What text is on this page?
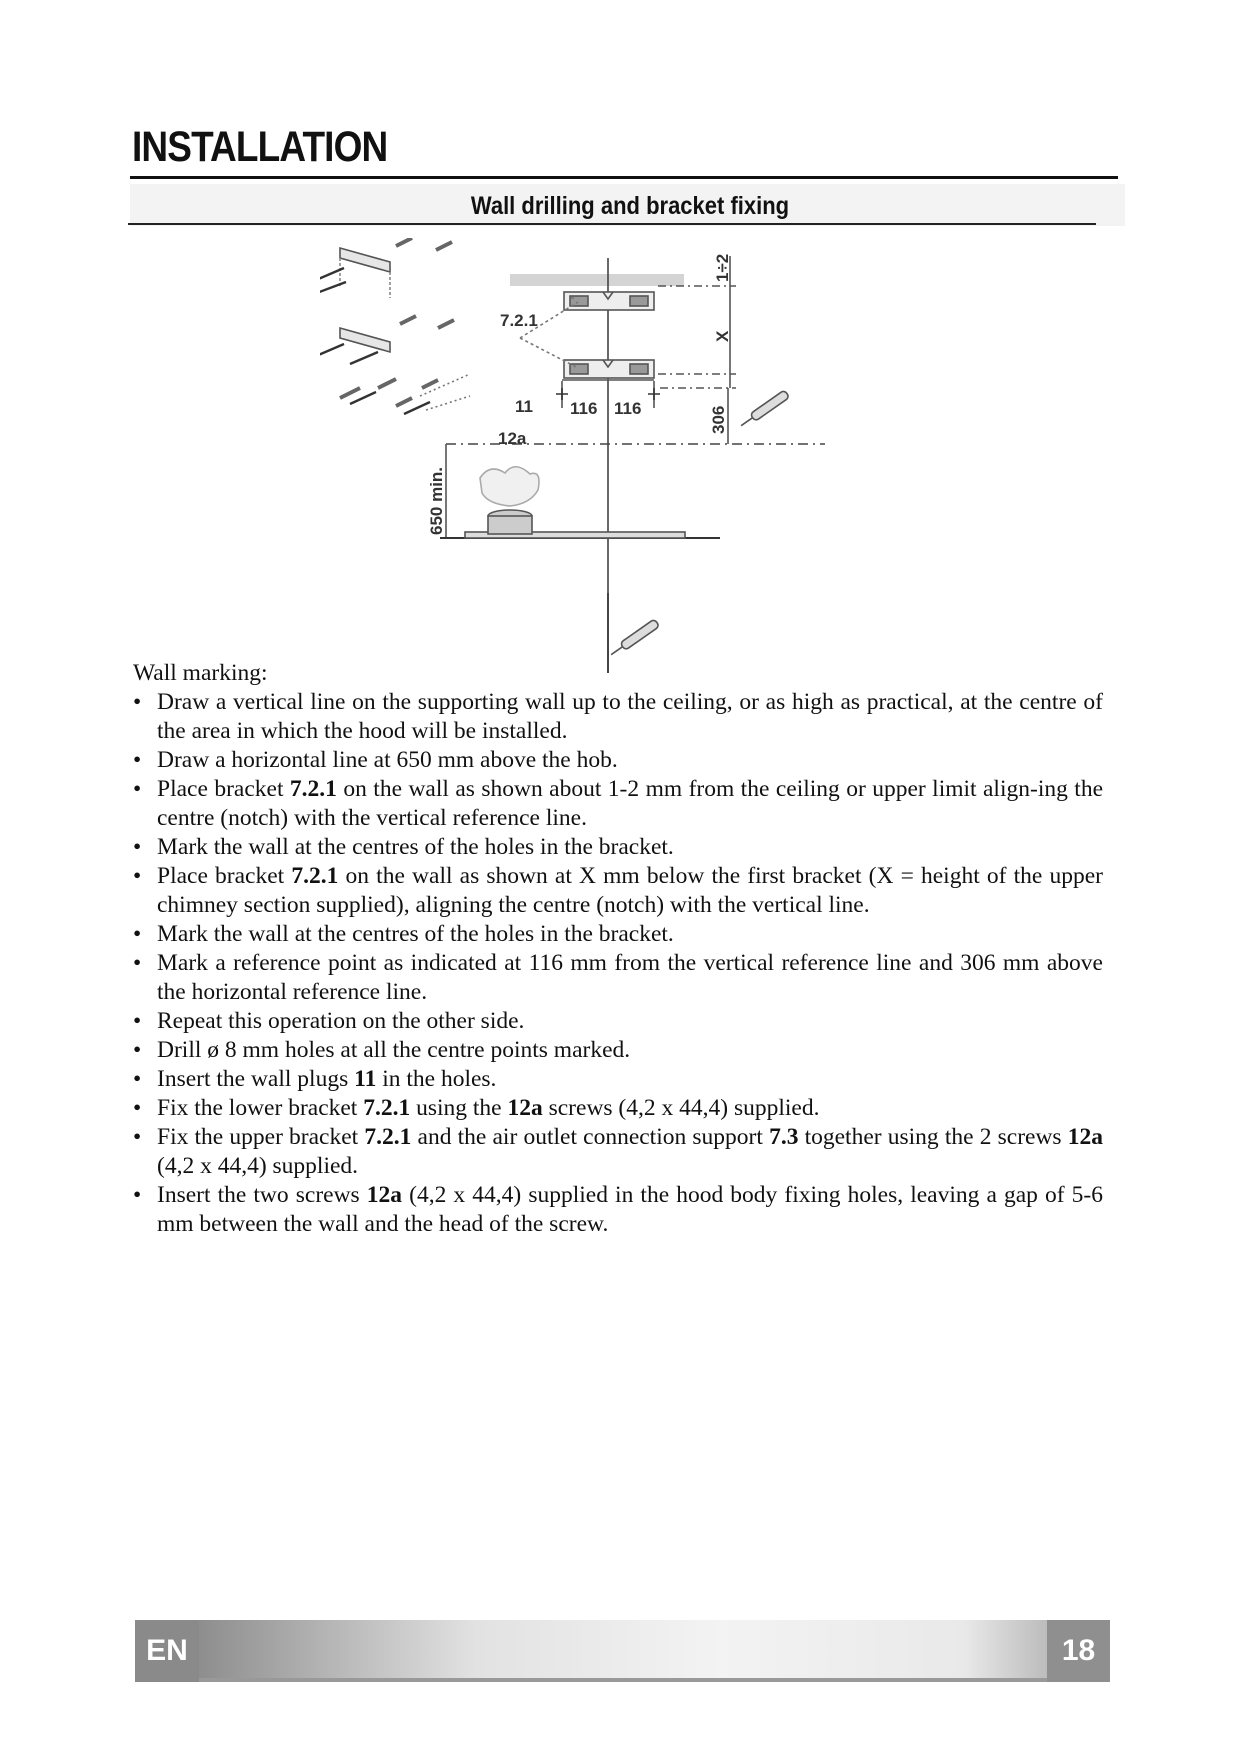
INSTALLATION
Wall drilling and bracket fixing
7.2.1
11
12a
116 116
1÷2
X
306
650 min.

Wall marking:

• Draw a vertical line on the supporting wall up to the ceiling, or as high as practical, at the centre of the area in which the hood will be installed.
• Draw a horizontal line at 650 mm above the hob.
• Place bracket 7.2.1 on the wall as shown about 1-2 mm from the ceiling or upper limit align-ing the centre (notch) with the vertical reference line.
• Mark the wall at the centres of the holes in the bracket.
• Place bracket 7.2.1 on the wall as shown at X mm below the first bracket (X = height of the upper chimney section supplied), aligning the centre (notch) with the vertical line.
• Mark the wall at the centres of the holes in the bracket.
• Mark a reference point as indicated at 116 mm from the vertical reference line and 306 mm above the horizontal reference line.
• Repeat this operation on the other side.
• Drill ø 8 mm holes at all the centre points marked.
• Insert the wall plugs 11 in the holes.
• Fix the lower bracket 7.2.1 using the 12a screws (4,2 x 44,4) supplied.
• Fix the upper bracket 7.2.1 and the air outlet connection support 7.3 together using the 2 screws 12a (4,2 x 44,4) supplied.
• Insert the two screws 12a (4,2 x 44,4) supplied in the hood body fixing holes, leaving a gap of 5-6 mm between the wall and the head of the screw.
EN	18
